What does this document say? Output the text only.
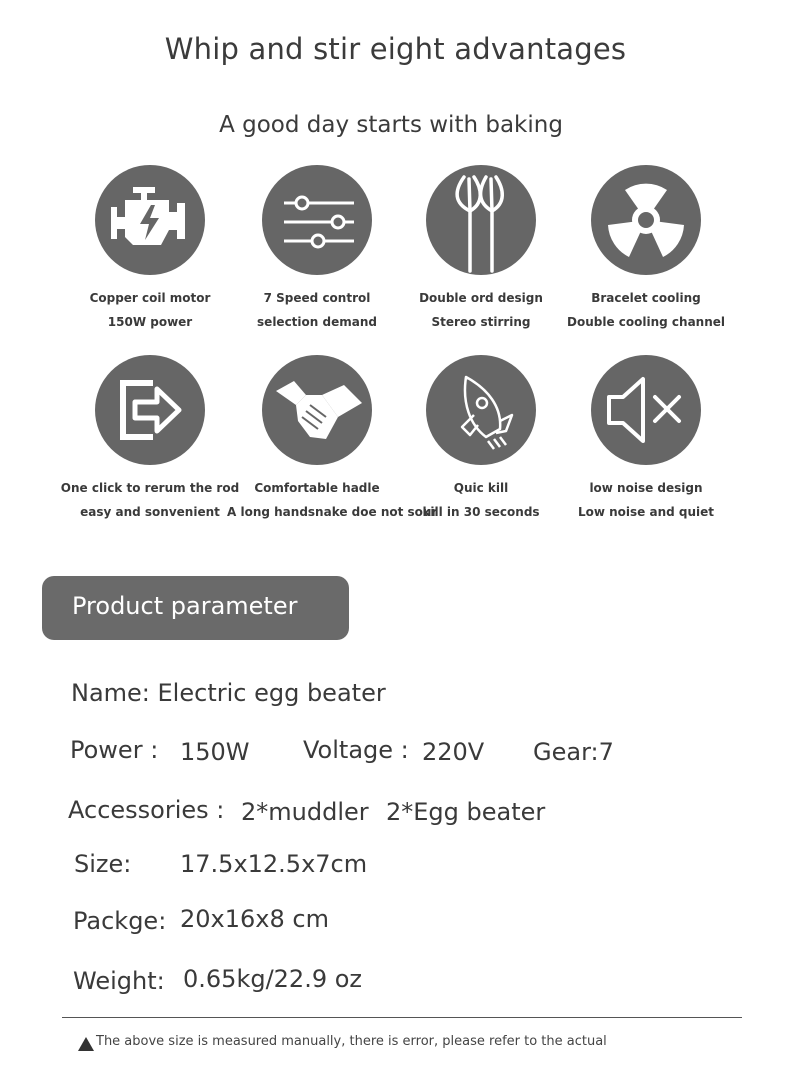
Whip and stir eight advantages
A good day starts with baking
Copper coil motor
150W power
7 Speed control
selection demand
Double ord design
Stereo stirring
Bracelet cooling
Double cooling channel
One click to rerum the rod
easy and sonvenient
Comfortable hadle
A long handsnake doe not sour
Quic kill
kill in 30 seconds
low noise design
Low noise and quiet
Product parameter
Name: Electric egg beater
Power : 150W Voltage : 220V Gear:7
Accessories : 2*muddler 2*Egg beater
Size: 17.5x12.5x7cm
Packge: 20x16x8 cm
Weight: 0.65kg/22.9 oz
The above size is measured manually, there is error, please refer to the actual
